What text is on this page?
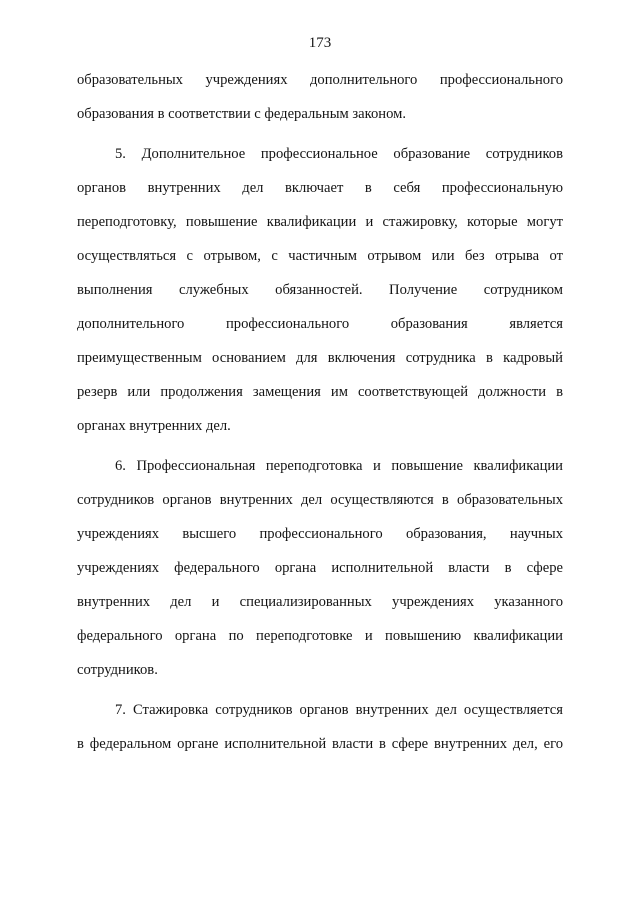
173
образовательных учреждениях дополнительного профессионального
образования в соответствии с федеральным законом.
5. Дополнительное профессиональное образование сотрудников
органов внутренних дел включает в себя профессиональную
переподготовку, повышение квалификации и стажировку, которые могут
осуществляться с отрывом, с частичным отрывом или без отрыва от
выполнения служебных обязанностей. Получение сотрудником
дополнительного профессионального образования является
преимущественным основанием для включения сотрудника в кадровый
резерв или продолжения замещения им соответствующей должности в
органах внутренних дел.
6. Профессиональная переподготовка и повышение квалификации
сотрудников органов внутренних дел осуществляются в образовательных
учреждениях высшего профессионального образования, научных
учреждениях федерального органа исполнительной власти в сфере
внутренних дел и специализированных учреждениях указанного
федерального органа по переподготовке и повышению квалификации
сотрудников.
7. Стажировка сотрудников органов внутренних дел осуществляется
в федеральном органе исполнительной власти в сфере внутренних дел, его
